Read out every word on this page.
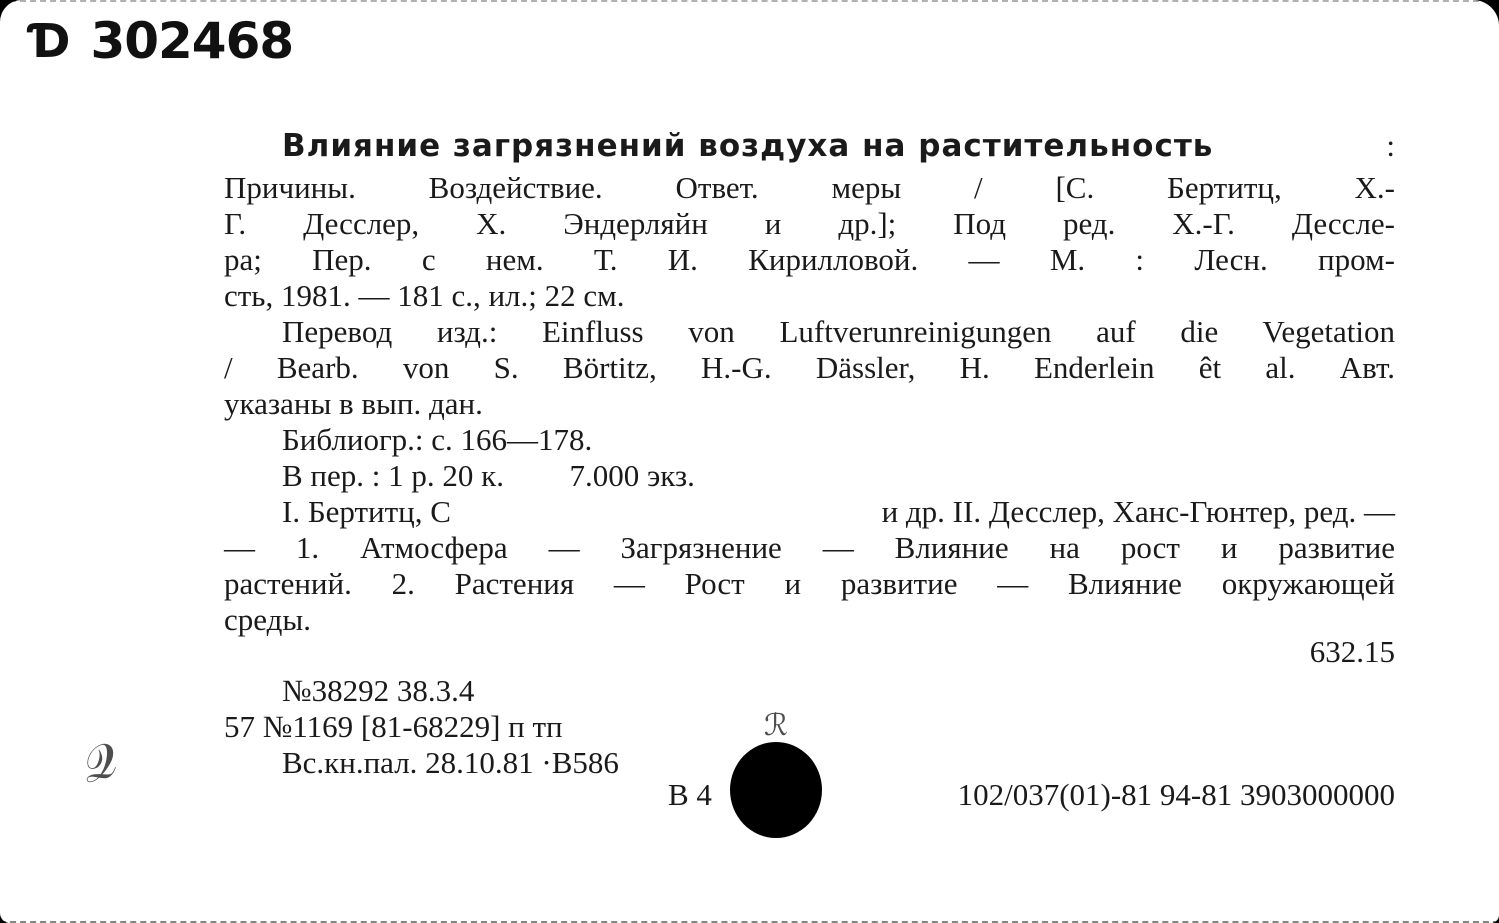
Ɗ 302468
Влияние загрязнений воздуха на растительность	:
Причины. Воздействие. Ответ. меры / [С. Бертитц, Х.-
Г. Десслер, Х. Эндерляйн и др.]; Под ред. Х.-Г. Дессле-
ра; Пер. с нем. Т. И. Кирилловой. — М. : Лесн. пром-
сть, 1981. — 181 с., ил.; 22 см.
Перевод изд.: Einfluss von Luftverunreinigungen auf die Vegetation
/ Bearb. von S. Börtitz, H.-G. Dässler, H. Enderlein êt al. Авт.
указаны в вып. дан.
Библиогр.: с. 166—178.
В пер. : 1 р. 20 к. 7.000 экз.
I. Бертитц, С	и др. II. Десслер, Ханс-Гюнтер, ред. —
— 1. Атмосфера — Загрязнение — Влияние на рост и развитие
растений. 2. Растения — Рост и развитие — Влияние окружающей
среды.
632.15
№38292 38.3.4
57 №1169 [81-68229] п тп
Вс.кн.пал. 28.10.81 ·B586
В 4	102/037(01)-81 94-81 3903000000
ℛ
𝒬
